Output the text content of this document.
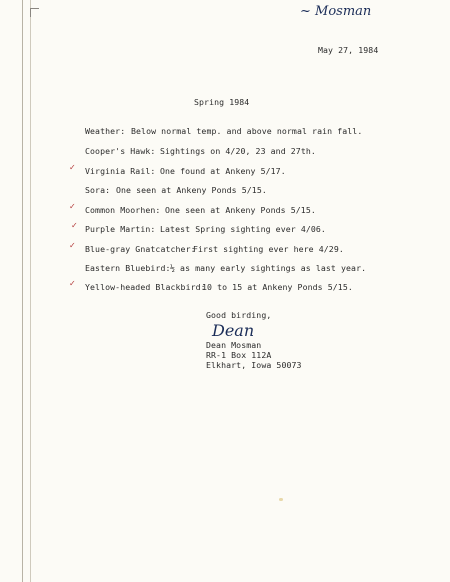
~ Mosman
May 27, 1984
Spring 1984
Weather: Below normal temp. and above normal rain fall.
Cooper's Hawk: Sightings on 4/20, 23 and 27th.
✓ Virginia Rail: One found at Ankeny 5/17.
Sora: One seen at Ankeny Ponds 5/15.
✓ Common Moorhen: One seen at Ankeny Ponds 5/15.
✓ Purple Martin: Latest Spring sighting ever 4/06.
✓ Blue-gray Gnatcatcher:
First sighting ever here 4/29.
Eastern Bluebird: ½ as many early sightings as last year.
✓ Yellow-headed Blackbird:
10 to 15 at Ankeny Ponds 5/15.
Good birding,
Dean
Dean Mosman
RR-1 Box 112A
Elkhart, Iowa 50073
